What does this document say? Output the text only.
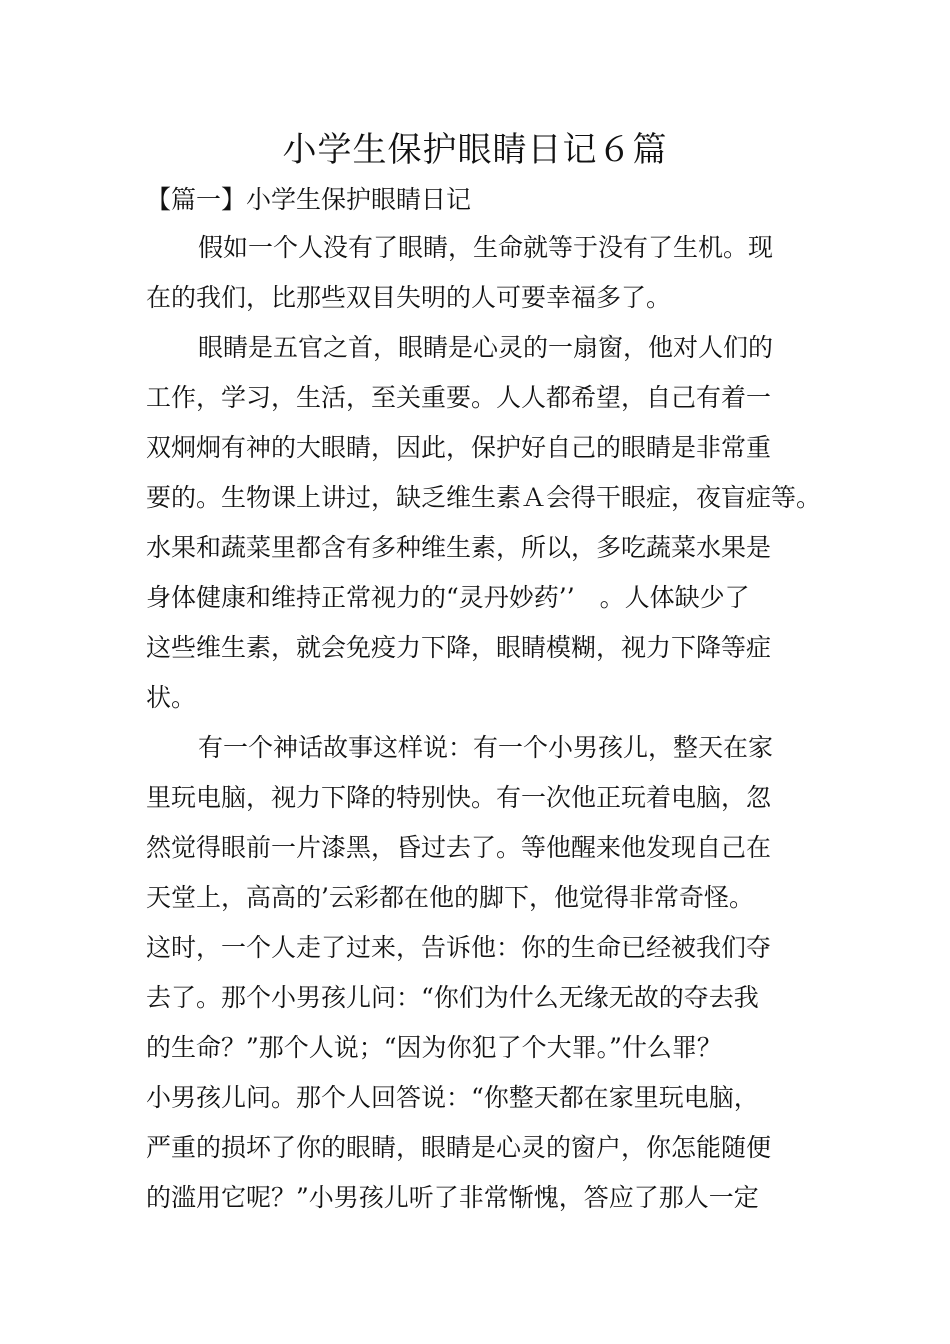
小学生保护眼睛日记６篇

【篇一】小学生保护眼睛日记

假如一个人没有了眼睛，生命就等于没有了生机。现
在的我们，比那些双目失明的人可要幸福多了。

眼睛是五官之首，眼睛是心灵的一扇窗，他对人们的
工作，学习，生活，至关重要。人人都希望，自己有着一
双炯炯有神的大眼睛，因此，保护好自己的眼睛是非常重
要的。生物课上讲过，缺乏维生素Ａ会得干眼症，夜盲症等。
水果和蔬菜里都含有多种维生素，所以，多吃蔬菜水果是
身体健康和维持正常视力的“灵丹妙药’’　。人体缺少了
这些维生素，就会免疫力下降，眼睛模糊，视力下降等症
状。

有一个神话故事这样说：有一个小男孩儿，整天在家
里玩电脑，视力下降的特别快。有一次他正玩着电脑，忽
然觉得眼前一片漆黑，昏过去了。等他醒来他发现自己在
天堂上，高高的’云彩都在他的脚下，他觉得非常奇怪。
这时，一个人走了过来，告诉他：你的生命已经被我们夺
去了。那个小男孩儿问：“你们为什么无缘无故的夺去我
的生命？”那个人说；“因为你犯了个大罪。”什么罪？
小男孩儿问。那个人回答说：“你整天都在家里玩电脑，
严重的损坏了你的眼睛，眼睛是心灵的窗户，你怎能随便
的滥用它呢？”小男孩儿听了非常惭愧，答应了那人一定
